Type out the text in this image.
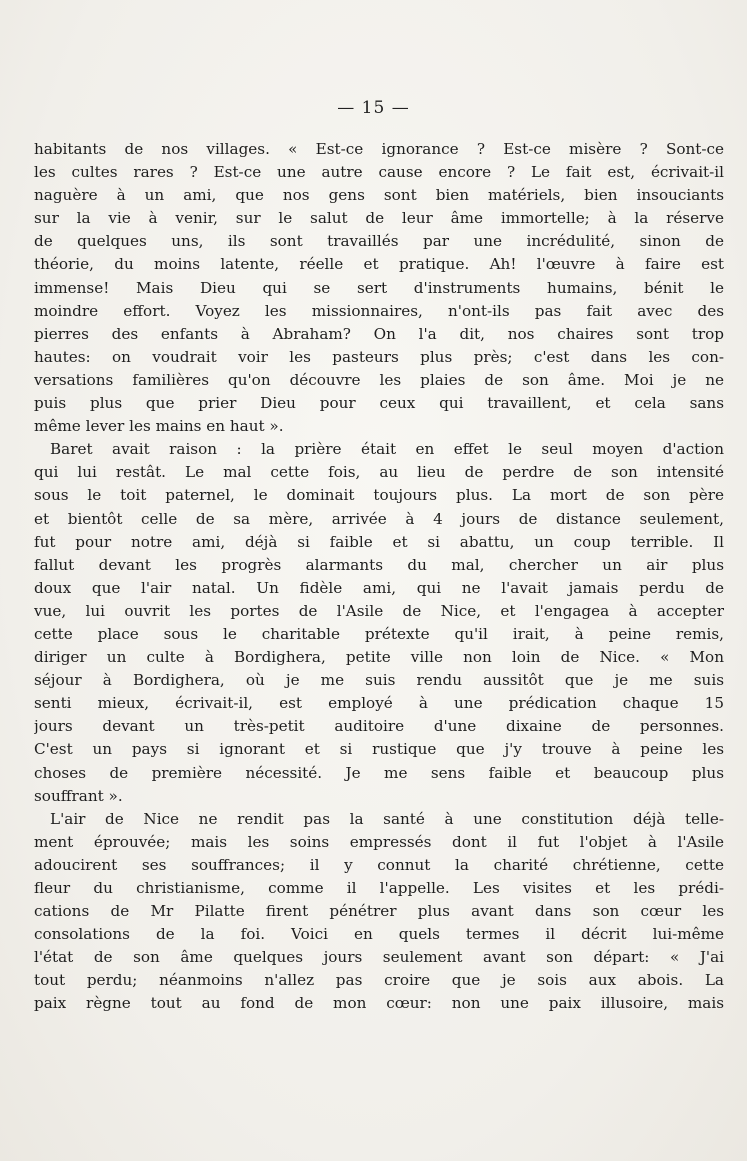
— 15 —
habitants de nos villages. « Est-ce ignorance ? Est-ce misère ? Sont-ce
les cultes rares ? Est-ce une autre cause encore ? Le fait est, écrivait-il
naguère à un ami, que nos gens sont bien matériels, bien insouciants
sur la vie à venir, sur le salut de leur âme immortelle; à la réserve
de quelques uns, ils sont travaillés par une incrédulité, sinon de
théorie, du moins latente, réelle et pratique. Ah! l'œuvre à faire est
immense! Mais Dieu qui se sert d'instruments humains, bénit le
moindre effort. Voyez les missionnaires, n'ont-ils pas fait avec des
pierres des enfants à Abraham? On l'a dit, nos chaires sont trop
hautes: on voudrait voir les pasteurs plus près; c'est dans les con-
versations familières qu'on découvre les plaies de son âme. Moi je ne
puis plus que prier Dieu pour ceux qui travaillent, et cela sans
même lever les mains en haut ».
Baret avait raison : la prière était en effet le seul moyen d'action
qui lui restât. Le mal cette fois, au lieu de perdre de son intensité
sous le toit paternel, le dominait toujours plus. La mort de son père
et bientôt celle de sa mère, arrivée à 4 jours de distance seulement,
fut pour notre ami, déjà si faible et si abattu, un coup terrible. Il
fallut devant les progrès alarmants du mal, chercher un air plus
doux que l'air natal. Un fidèle ami, qui ne l'avait jamais perdu de
vue, lui ouvrit les portes de l'Asile de Nice, et l'engagea à accepter
cette place sous le charitable prétexte qu'il irait, à peine remis,
diriger un culte à Bordighera, petite ville non loin de Nice. « Mon
séjour à Bordighera, où je me suis rendu aussitôt que je me suis
senti mieux, écrivait-il, est employé à une prédication chaque 15
jours devant un très-petit auditoire d'une dixaine de personnes.
C'est un pays si ignorant et si rustique que j'y trouve à peine les
choses de première nécessité. Je me sens faible et beaucoup plus
souffrant ».
L'air de Nice ne rendit pas la santé à une constitution déjà telle-
ment éprouvée; mais les soins empressés dont il fut l'objet à l'Asile
adoucirent ses souffrances; il y connut la charité chrétienne, cette
fleur du christianisme, comme il l'appelle. Les visites et les prédi-
cations de Mr Pilatte firent pénétrer plus avant dans son cœur les
consolations de la foi. Voici en quels termes il décrit lui-même
l'état de son âme quelques jours seulement avant son départ: « J'ai
tout perdu; néanmoins n'allez pas croire que je sois aux abois. La
paix règne tout au fond de mon cœur: non une paix illusoire, mais
